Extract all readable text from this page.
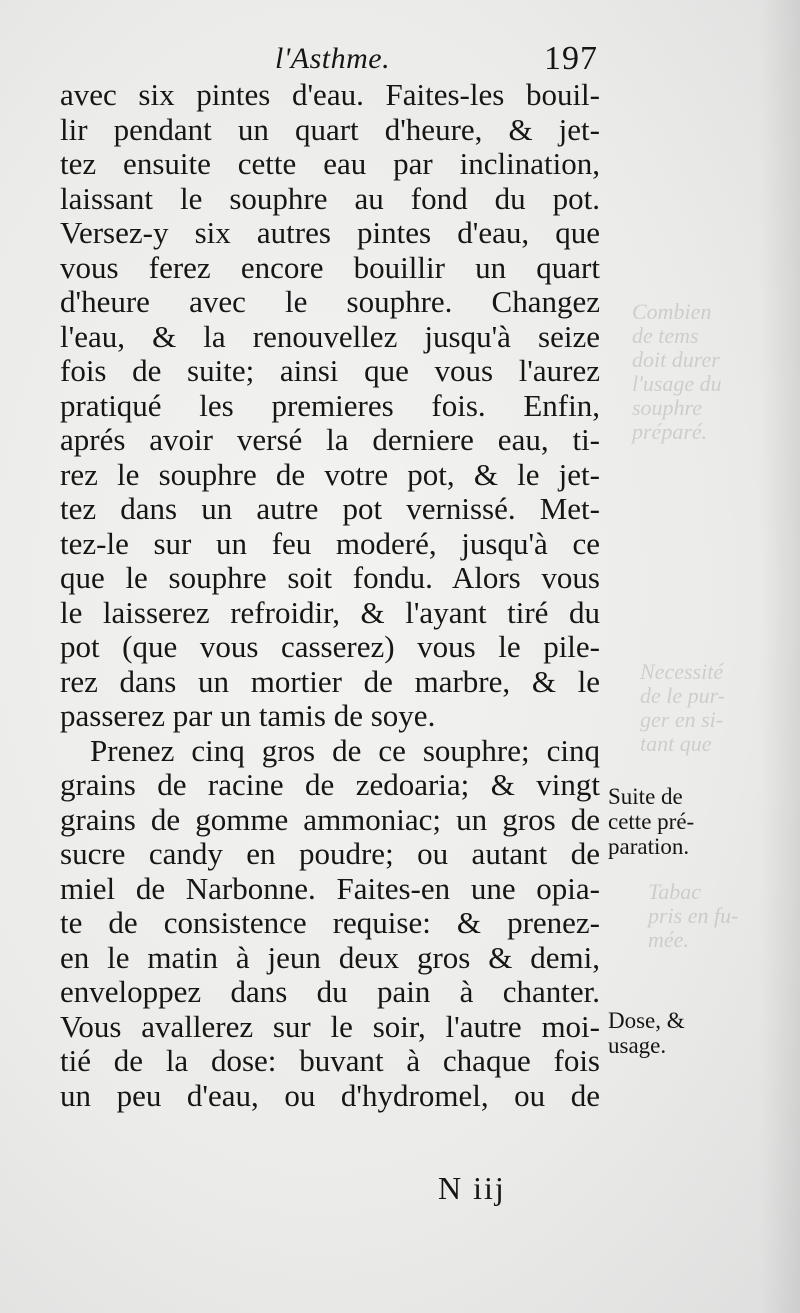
Combien
de tems
doit durer
l'usage du
souphre
préparé.
Necessité
de le pur-
ger en si-
tant que
Tabac
pris en fu-
mée.
l'Asthme.	197
avec six pintes d'eau. Faites-les bouil-
lir pendant un quart d'heure, & jet-
tez ensuite cette eau par inclination,
laissant le souphre au fond du pot.
Versez-y six autres pintes d'eau, que
vous ferez encore bouillir un quart
d'heure avec le souphre. Changez
l'eau, & la renouvellez jusqu'à seize
fois de suite; ainsi que vous l'aurez
pratiqué les premieres fois. Enfin,
aprés avoir versé la derniere eau, ti-
rez le souphre de votre pot, & le jet-
tez dans un autre pot vernissé. Met-
tez-le sur un feu moderé, jusqu'à ce
que le souphre soit fondu. Alors vous
le laisserez refroidir, & l'ayant tiré du
pot (que vous casserez) vous le pile-
rez dans un mortier de marbre, & le
passerez par un tamis de soye.
Prenez cinq gros de ce souphre; cinq
grains de racine de zedoaria; & vingt
grains de gomme ammoniac; un gros de
sucre candy en poudre; ou autant de
miel de Narbonne. Faites-en une opia-
te de consistence requise: & prenez-
en le matin à jeun deux gros & demi,
enveloppez dans du pain à chanter.
Vous avallerez sur le soir, l'autre moi-
tié de la dose: buvant à chaque fois
un peu d'eau, ou d'hydromel, ou de
Suite de
cette pré-
paration.
Dose, &
usage.
N iij
